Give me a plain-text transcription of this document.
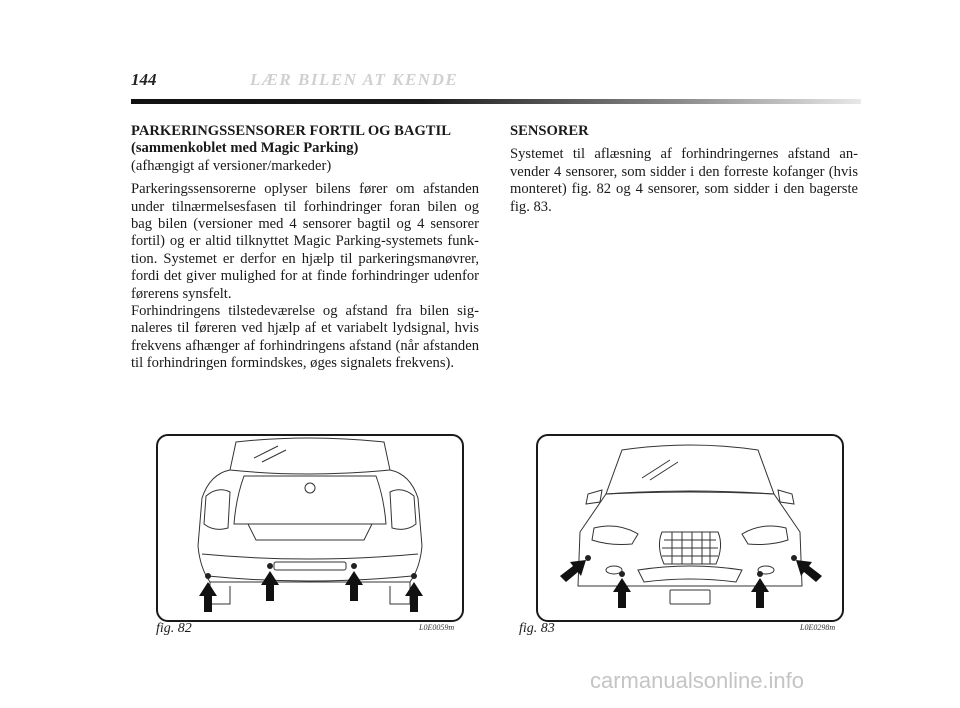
144	LÆR BILEN AT KENDE

PARKERINGSSENSORER FORTIL OG BAGTIL

(sammenkoblet med Magic Parking)

(afhængigt af versioner/markeder)

Parkeringssensorerne oplyser bilens fører om afstanden under tilnærmelsesfasen til forhindringer foran bilen og bag bilen (versioner med 4 sensorer bagtil og 4 sensorer fortil) og er altid tilknyttet Magic Parking-systemets funktion. Systemet er derfor en hjælp til parkeringsmanøvrer, fordi det giver mulighed for at finde forhindringer udenfor førerens synsfelt.

Forhindringens tilstedeværelse og afstand fra bilen signaleres til føreren ved hjælp af et variabelt lydsignal, hvis frekvens afhænger af forhindringens afstand (når afstanden til forhindringen formindskes, øges signalets frekvens).

SENSORER

Systemet til aflæsning af forhindringernes afstand anvender 4 sensorer, som sidder i den forreste kofanger (hvis monteret) fig. 82 og 4 sensorer, som sidder i den bagerste fig. 83.

fig. 82	L0E0059m	fig. 83	L0E0298m
carmanualsonline.info
